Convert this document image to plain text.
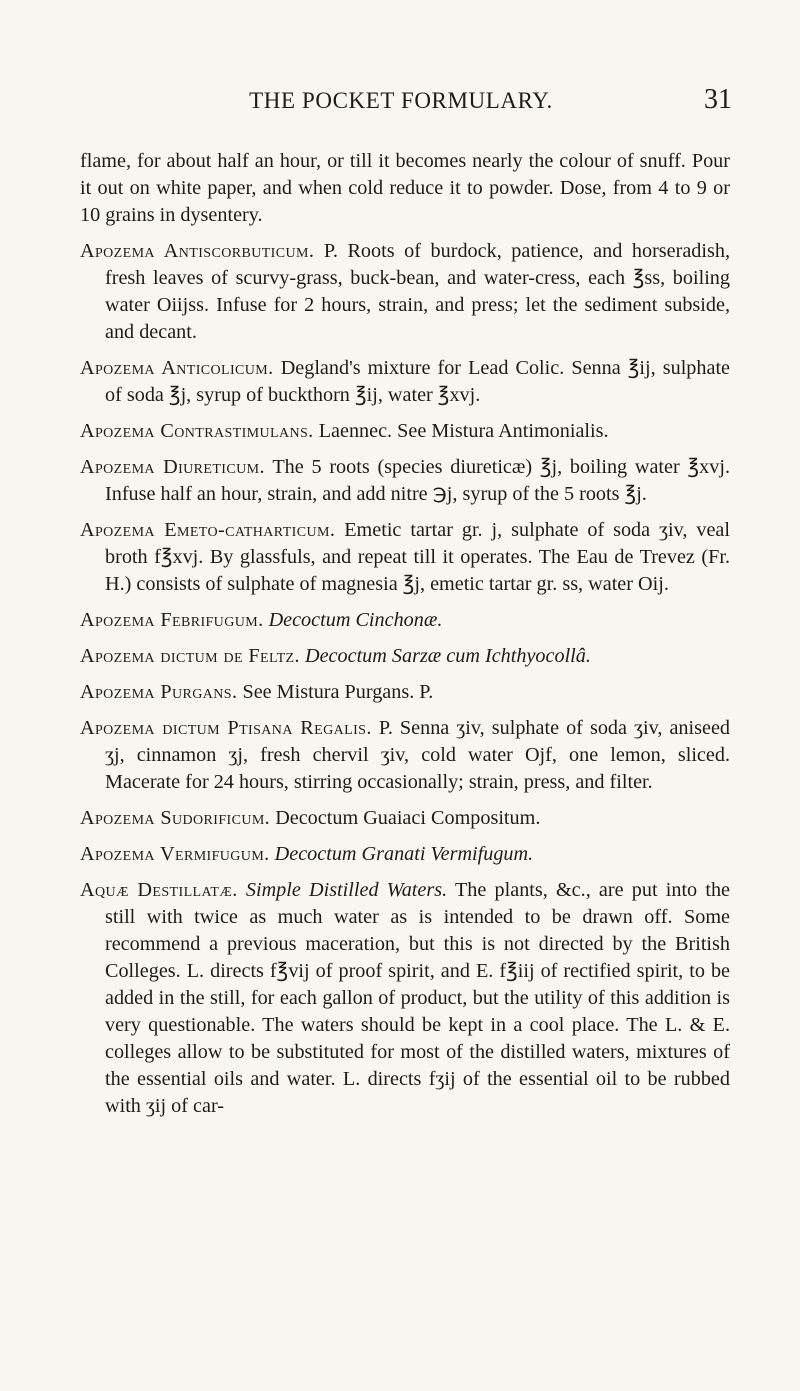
THE POCKET FORMULARY.	31

flame, for about half an hour, or till it becomes nearly the colour of snuff. Pour it out on white paper, and when cold reduce it to powder. Dose, from 4 to 9 or 10 grains in dysentery.

Apozema Antiscorbuticum. P. Roots of burdock, patience, and horseradish, fresh leaves of scurvy-grass, buck-bean, and water-cress, each ℥ss, boiling water Oiijss. Infuse for 2 hours, strain, and press; let the sediment subside, and decant.

Apozema Anticolicum. Degland's mixture for Lead Colic. Senna ℥ij, sulphate of soda ℥j, syrup of buckthorn ℥ij, water ℥xvj.

Apozema Contrastimulans. Laennec. See Mistura Antimonialis.

Apozema Diureticum. The 5 roots (species diureticæ) ℥j, boiling water ℥xvj. Infuse half an hour, strain, and add nitre ℈j, syrup of the 5 roots ℥j.

Apozema Emeto-catharticum. Emetic tartar gr. j, sulphate of soda ʒiv, veal broth f℥xvj. By glassfuls, and repeat till it operates. The Eau de Trevez (Fr. H.) consists of sulphate of magnesia ℥j, emetic tartar gr. ss, water Oij.

Apozema Febrifugum. Decoctum Cinchonæ.

Apozema dictum de Feltz. Decoctum Sarzæ cum Ichthyocollâ.

Apozema Purgans. See Mistura Purgans. P.

Apozema dictum Ptisana Regalis. P. Senna ʒiv, sulphate of soda ʒiv, aniseed ʒj, cinnamon ʒj, fresh chervil ʒiv, cold water Ojf, one lemon, sliced. Macerate for 24 hours, stirring occasionally; strain, press, and filter.

Apozema Sudorificum. Decoctum Guaiaci Compositum.

Apozema Vermifugum. Decoctum Granati Vermifugum.

Aquæ Destillatæ. Simple Distilled Waters. The plants, &c., are put into the still with twice as much water as is intended to be drawn off. Some recommend a previous maceration, but this is not directed by the British Colleges. L. directs f℥vij of proof spirit, and E. f℥iij of rectified spirit, to be added in the still, for each gallon of product, but the utility of this addition is very questionable. The waters should be kept in a cool place. The L. & E. colleges allow to be substituted for most of the distilled waters, mixtures of the essential oils and water. L. directs fʒij of the essential oil to be rubbed with ʒij of car-
